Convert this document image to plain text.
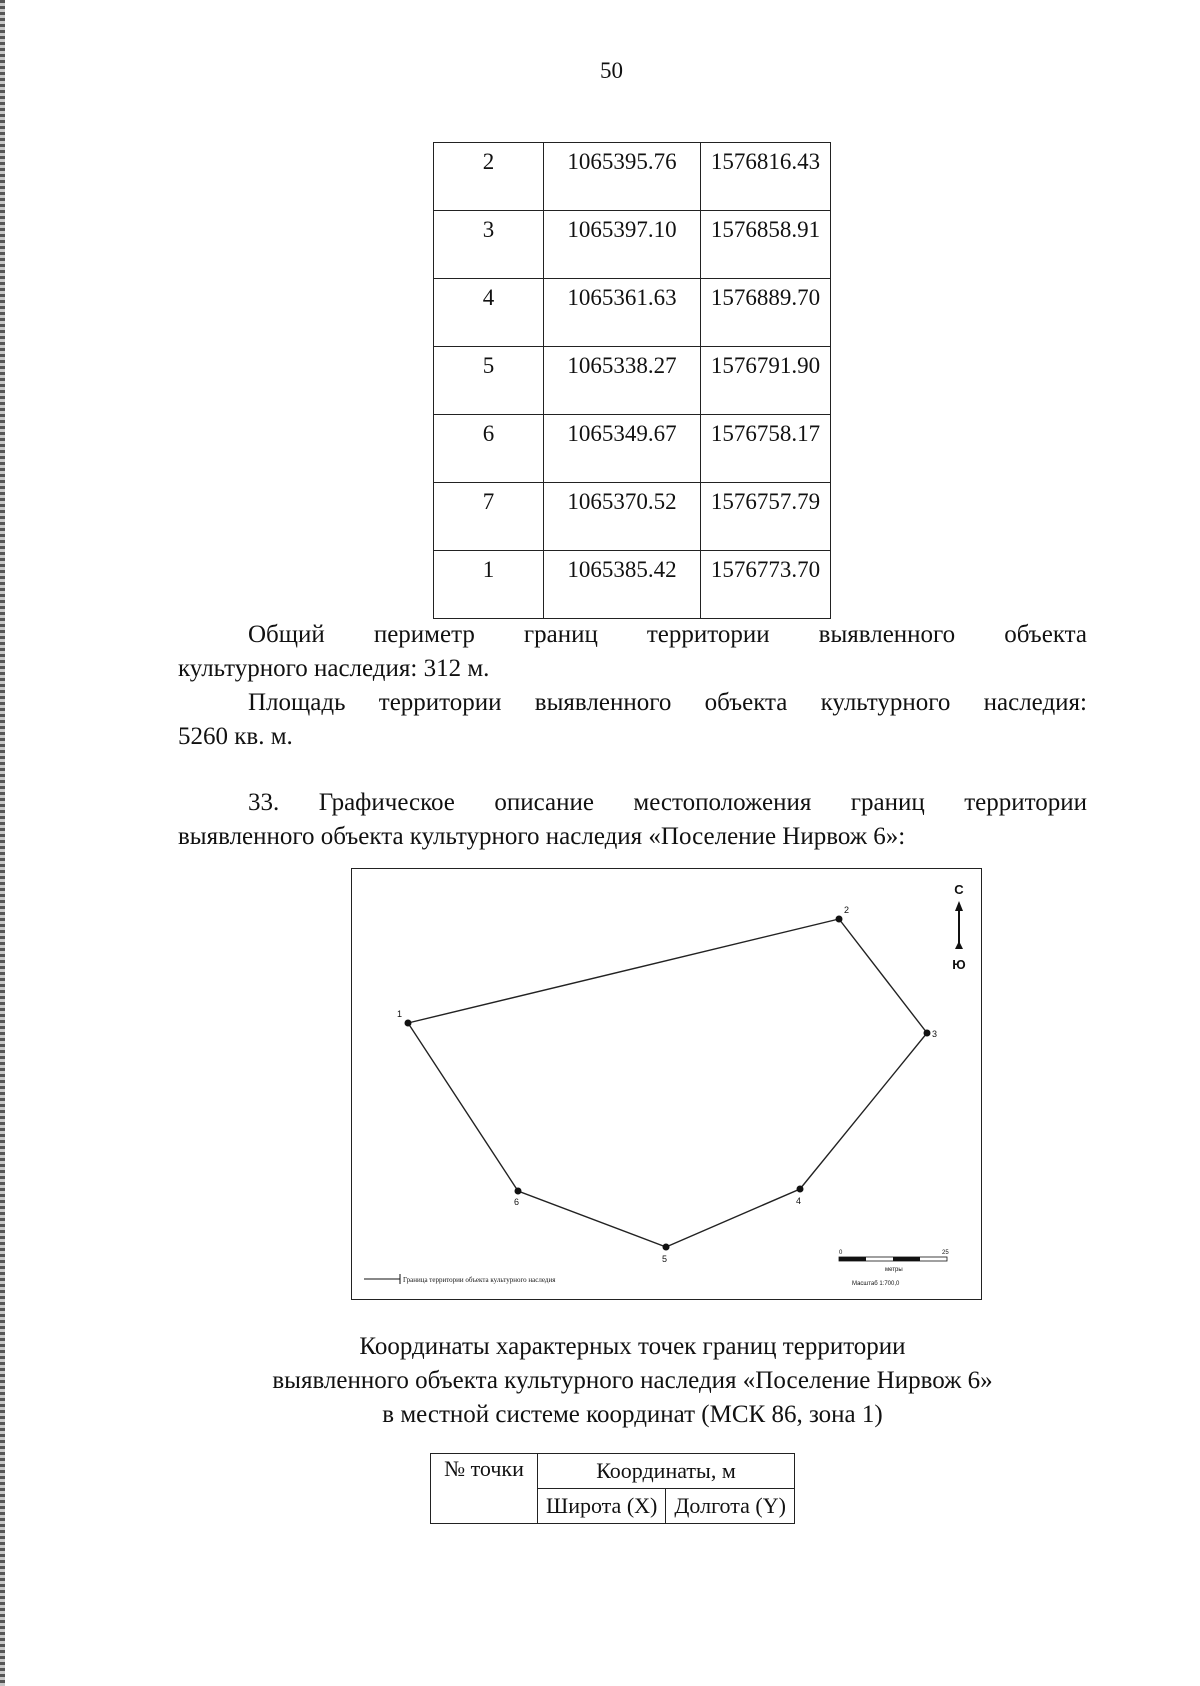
50
2	1065395.76	1576816.43
3	1065397.10	1576858.91
4	1065361.63	1576889.70
5	1065338.27	1576791.90
6	1065349.67	1576758.17
7	1065370.52	1576757.79
1	1065385.42	1576773.70
Общий периметр границ территории выявленного объекта
культурного наследия: 312 м.
Площадь территории выявленного объекта культурного наследия:
5260 кв. м.
33. Графическое описание местоположения границ территории
выявленного объекта культурного наследия «Поселение Нирвож 6»:
1
2
3
4
5
6
С
Ю
0	25
метры
Масштаб 1:700,0
Граница территории объекта культурного наследия
Координаты характерных точек границ территории
выявленного объекта культурного наследия «Поселение Нирвож 6»
в местной системе координат (МСК 86, зона 1)
№ точки	Координаты, м	
	Широта (X)	Долгота (Y)
